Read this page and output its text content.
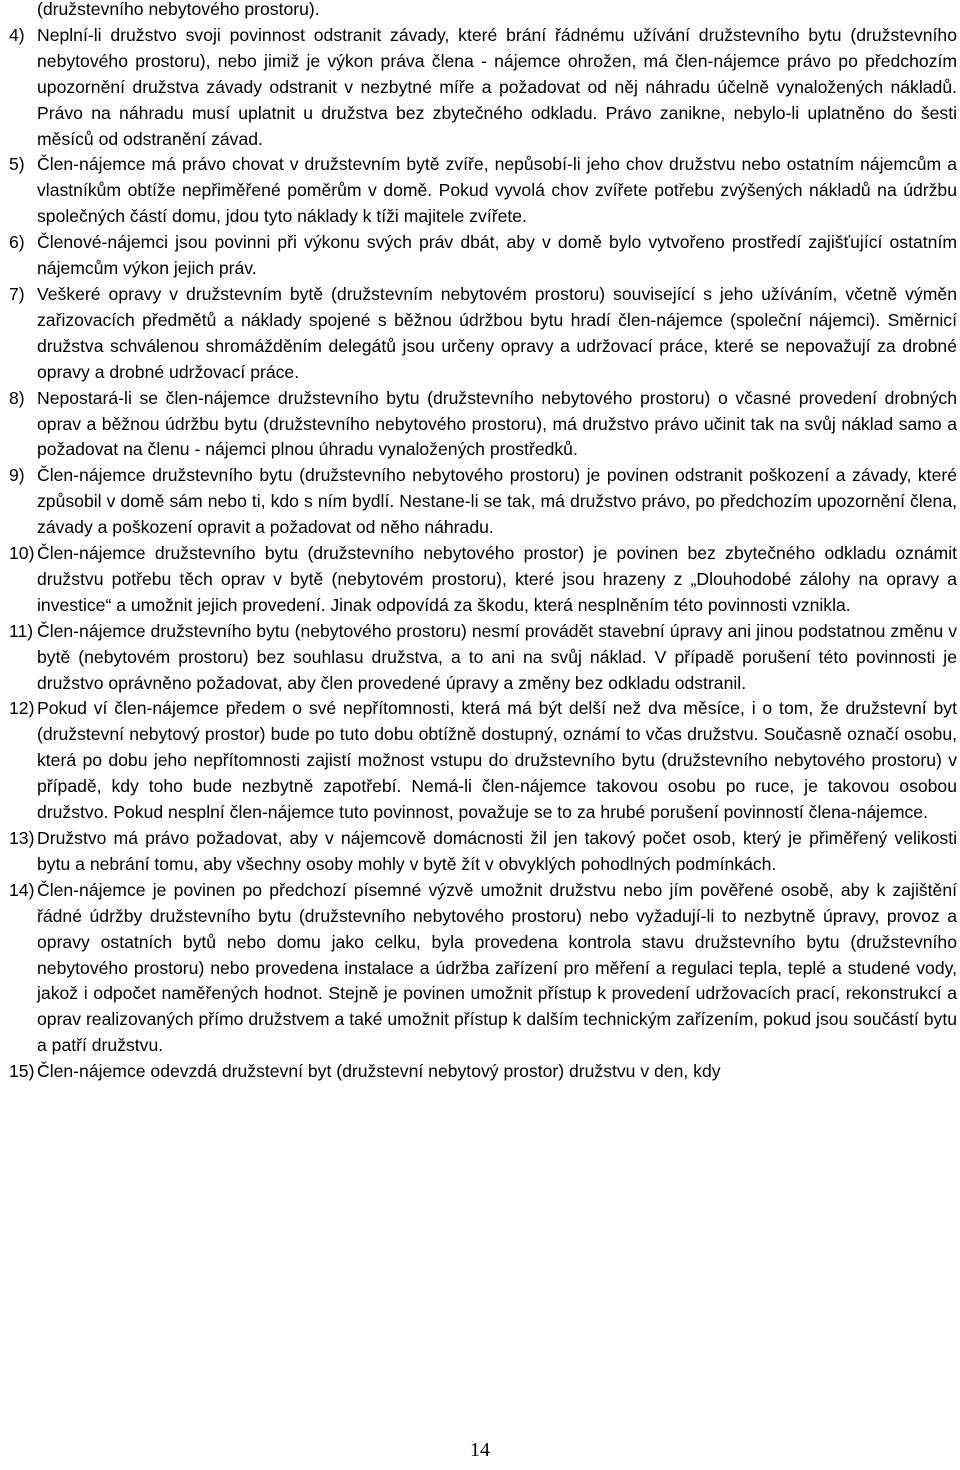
(družstevního nebytového prostoru).
4) Neplní-li družstvo svoji povinnost odstranit závady, které brání řádnému užívání družstevního bytu (družstevního nebytového prostoru), nebo jimiž je výkon práva člena - nájemce ohrožen, má člen-nájemce právo po předchozím upozornění družstva závady odstranit v nezbytné míře a požadovat od něj náhradu účelně vynaložených nákladů. Právo na náhradu musí uplatnit u družstva bez zbytečného odkladu. Právo zanikne, nebylo-li uplatněno do šesti měsíců od odstranění závad.
5) Člen-nájemce má právo chovat v družstevním bytě zvíře, nepůsobí-li jeho chov družstvu nebo ostatním nájemcům a vlastníkům obtíže nepřiměřené poměrům v domě. Pokud vyvolá chov zvířete potřebu zvýšených nákladů na údržbu společných částí domu, jdou tyto náklady k tíži majitele zvířete.
6) Členové-nájemci jsou povinni při výkonu svých práv dbát, aby v domě bylo vytvořeno prostředí zajišťující ostatním nájemcům výkon jejich práv.
7) Veškeré opravy v družstevním bytě (družstevním nebytovém prostoru) související s jeho užíváním, včetně výměn zařizovacích předmětů a náklady spojené s běžnou údržbou bytu hradí člen-nájemce (společní nájemci). Směrnicí družstva schválenou shromážděním delegátů jsou určeny opravy a udržovací práce, které se nepovažují za drobné opravy a drobné udržovací práce.
8) Nepostará-li se člen-nájemce družstevního bytu (družstevního nebytového prostoru) o včasné provedení drobných oprav a běžnou údržbu bytu (družstevního nebytového prostoru), má družstvo právo učinit tak na svůj náklad samo a požadovat na členu - nájemci plnou úhradu vynaložených prostředků.
9) Člen-nájemce družstevního bytu (družstevního nebytového prostoru) je povinen odstranit poškození a závady, které způsobil v domě sám nebo ti, kdo s ním bydlí. Nestane-li se tak, má družstvo právo, po předchozím upozornění člena, závady a poškození opravit a požadovat od něho náhradu.
10) Člen-nájemce družstevního bytu (družstevního nebytového prostor) je povinen bez zbytečného odkladu oznámit družstvu potřebu těch oprav v bytě (nebytovém prostoru), které jsou hrazeny z „Dlouhodobé zálohy na opravy a investice“ a umožnit jejich provedení. Jinak odpovídá za škodu, která nesplněním této povinnosti vznikla.
11) Člen-nájemce družstevního bytu (nebytového prostoru) nesmí provádět stavební úpravy ani jinou podstatnou změnu v bytě (nebytovém prostoru) bez souhlasu družstva, a to ani na svůj náklad. V případě porušení této povinnosti je družstvo oprávněno požadovat, aby člen provedené úpravy a změny bez odkladu odstranil.
12) Pokud ví člen-nájemce předem o své nepřítomnosti, která má být delší než dva měsíce, i o tom, že družstevní byt (družstevní nebytový prostor) bude po tuto dobu obtížně dostupný, oznámí to včas družstvu. Současně označí osobu, která po dobu jeho nepřítomnosti zajistí možnost vstupu do družstevního bytu (družstevního nebytového prostoru) v případě, kdy toho bude nezbytně zapotřebí. Nemá-li člen-nájemce takovou osobu po ruce, je takovou osobou družstvo. Pokud nesplní člen-nájemce tuto povinnost, považuje se to za hrubé porušení povinností člena-nájemce.
13) Družstvo má právo požadovat, aby v nájemcově domácnosti žil jen takový počet osob, který je přiměřený velikosti bytu a nebrání tomu, aby všechny osoby mohly v bytě žít v obvyklých pohodlných podmínkách.
14) Člen-nájemce je povinen po předchozí písemné výzvě umožnit družstvu nebo jím pověřené osobě, aby k zajištění řádné údržby družstevního bytu (družstevního nebytového prostoru) nebo vyžadují-li to nezbytně úpravy, provoz a opravy ostatních bytů nebo domu jako celku, byla provedena kontrola stavu družstevního bytu (družstevního nebytového prostoru) nebo provedena instalace a údržba zařízení pro měření a regulaci tepla, teplé a studené vody, jakož i odpočet naměřených hodnot. Stejně je povinen umožnit přístup k provedení udržovacích prací, rekonstrukcí a oprav realizovaných přímo družstvem a také umožnit přístup k dalším technickým zařízením, pokud jsou součástí bytu a patří družstvu.
15) Člen-nájemce odevzdá družstevní byt (družstevní nebytový prostor) družstvu v den, kdy
14
